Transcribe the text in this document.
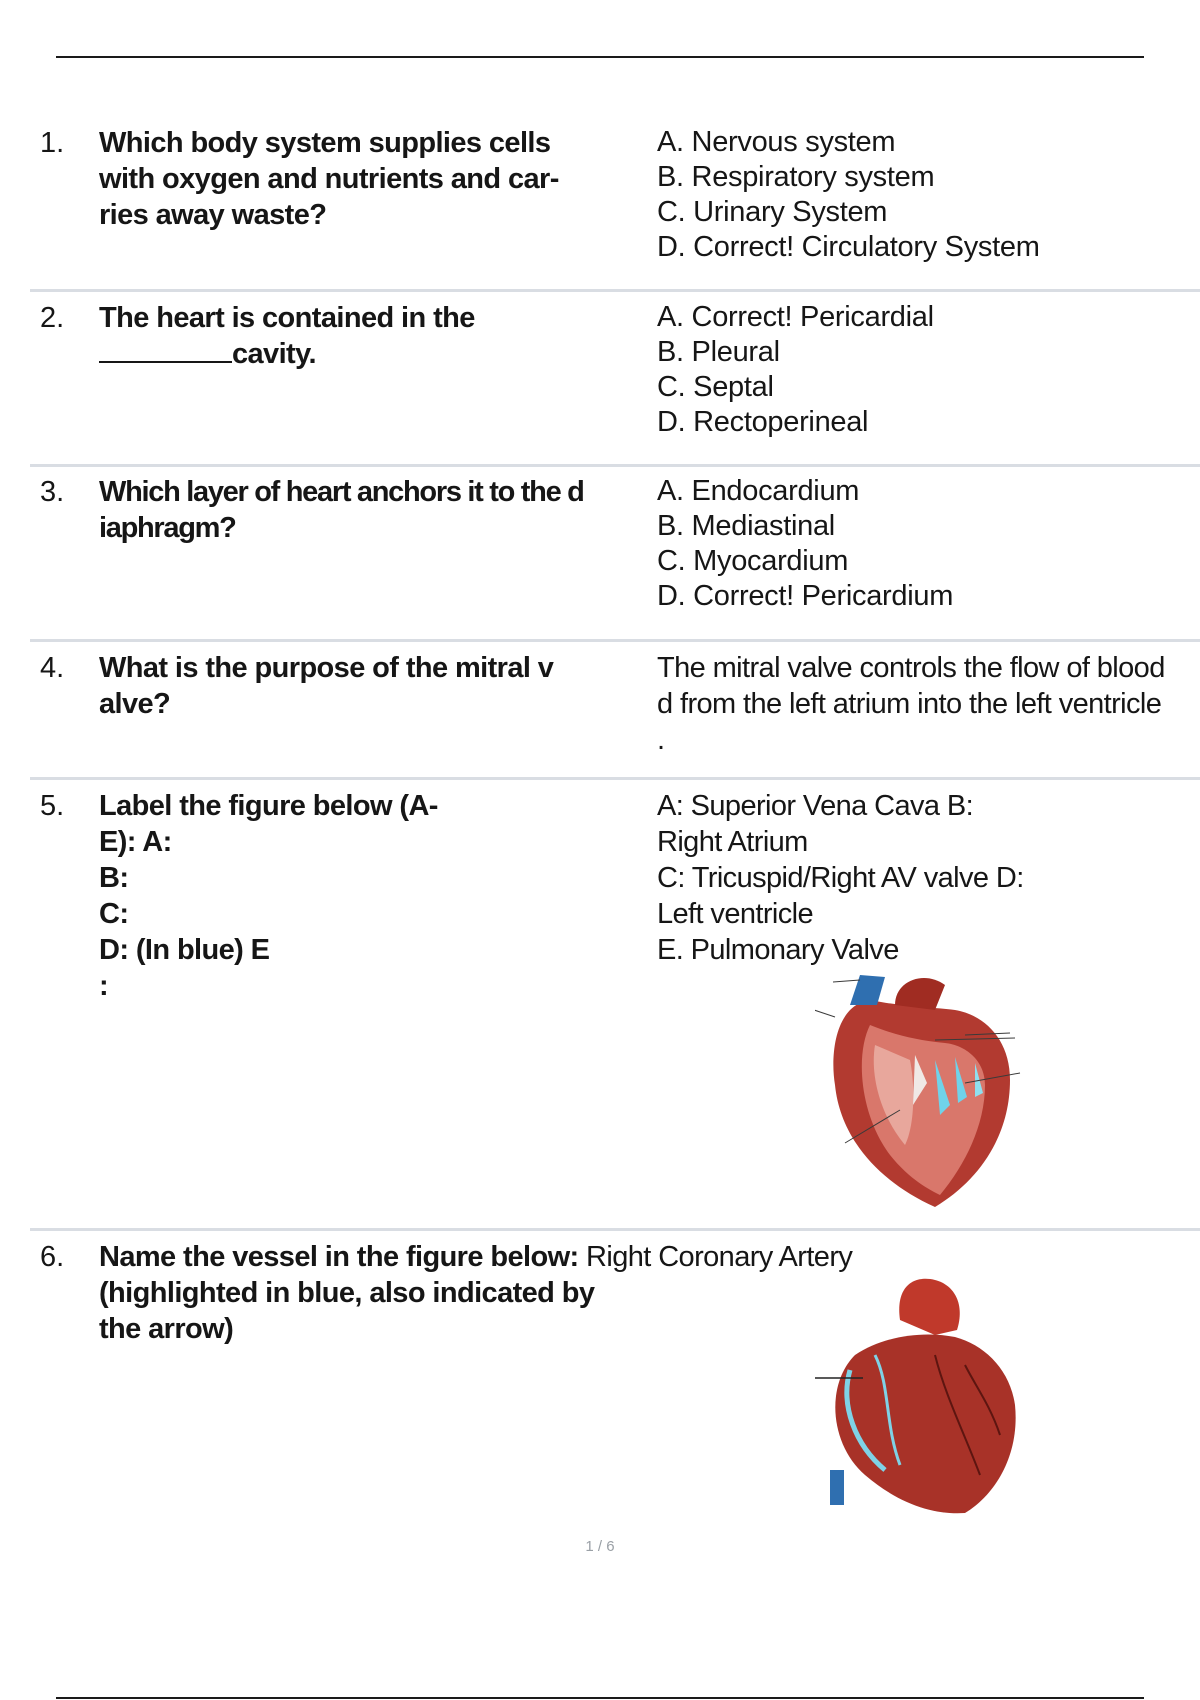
1. Which body system supplies cells
with oxygen and nutrients and car-
ries away waste?
A. Nervous system
B. Respiratory system
C. Urinary System
D. Correct! Circulatory System
2. The heart is contained in the
cavity.
A. Correct! Pericardial
B. Pleural
C. Septal
D. Rectoperineal
3. Which layer of heart anchors it to the d
iaphragm?
A. Endocardium
B. Mediastinal
C. Myocardium
D. Correct! Pericardium
4. What is the purpose of the mitral v
alve?
The mitral valve controls the flow of blood
d from the left atrium into the left ventricle
.
5. Label the figure below (A-
E): A:
B:
C:
D: (In blue) E
:
A: Superior Vena Cava B:
Right Atrium
C: Tricuspid/Right AV valve D:
Left ventricle
E. Pulmonary Valve
6. Name the vessel in the figure below: Right Coronary Artery
(highlighted in blue, also indicated by
the arrow)
1 / 6
